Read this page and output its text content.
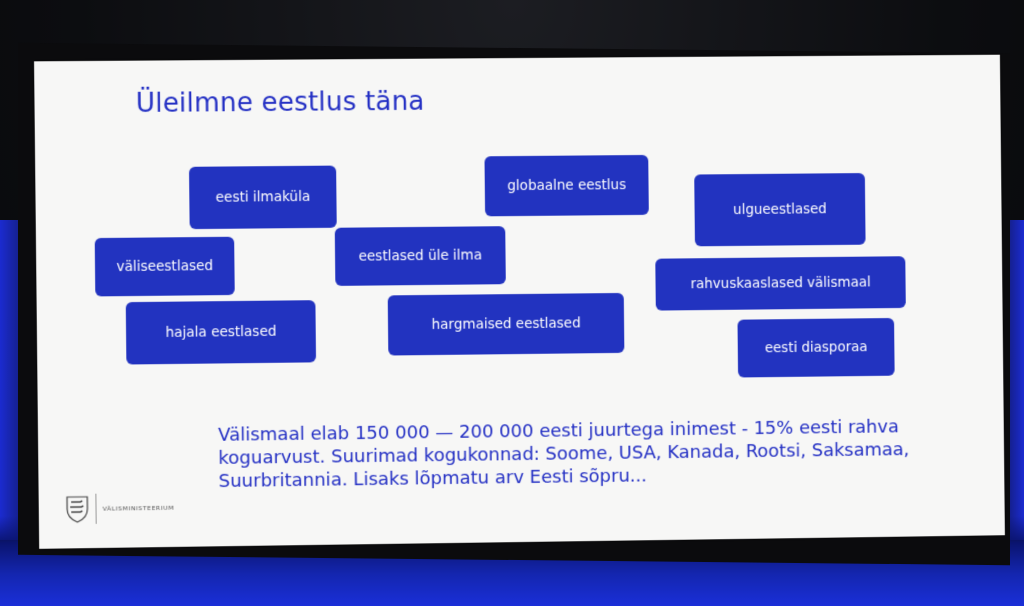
Üleilmne eestlus täna
eesti ilmaküla
globaalne eestlus
ulgueestlased
väliseestlased
eestlased üle ilma
rahvuskaaslased välismaal
hajala eestlased	hargmaised eestlased
eesti diasporaa
Välismaal elab 150 000 — 200 000 eesti juurtega inimest - 15% eesti rahva koguarvust. Suurimad kogukonnad: Soome, USA, Kanada, Rootsi, Saksamaa, Suurbritannia. Lisaks lõpmatu arv Eesti sõpru...
VÄLISMINISTEERIUM
